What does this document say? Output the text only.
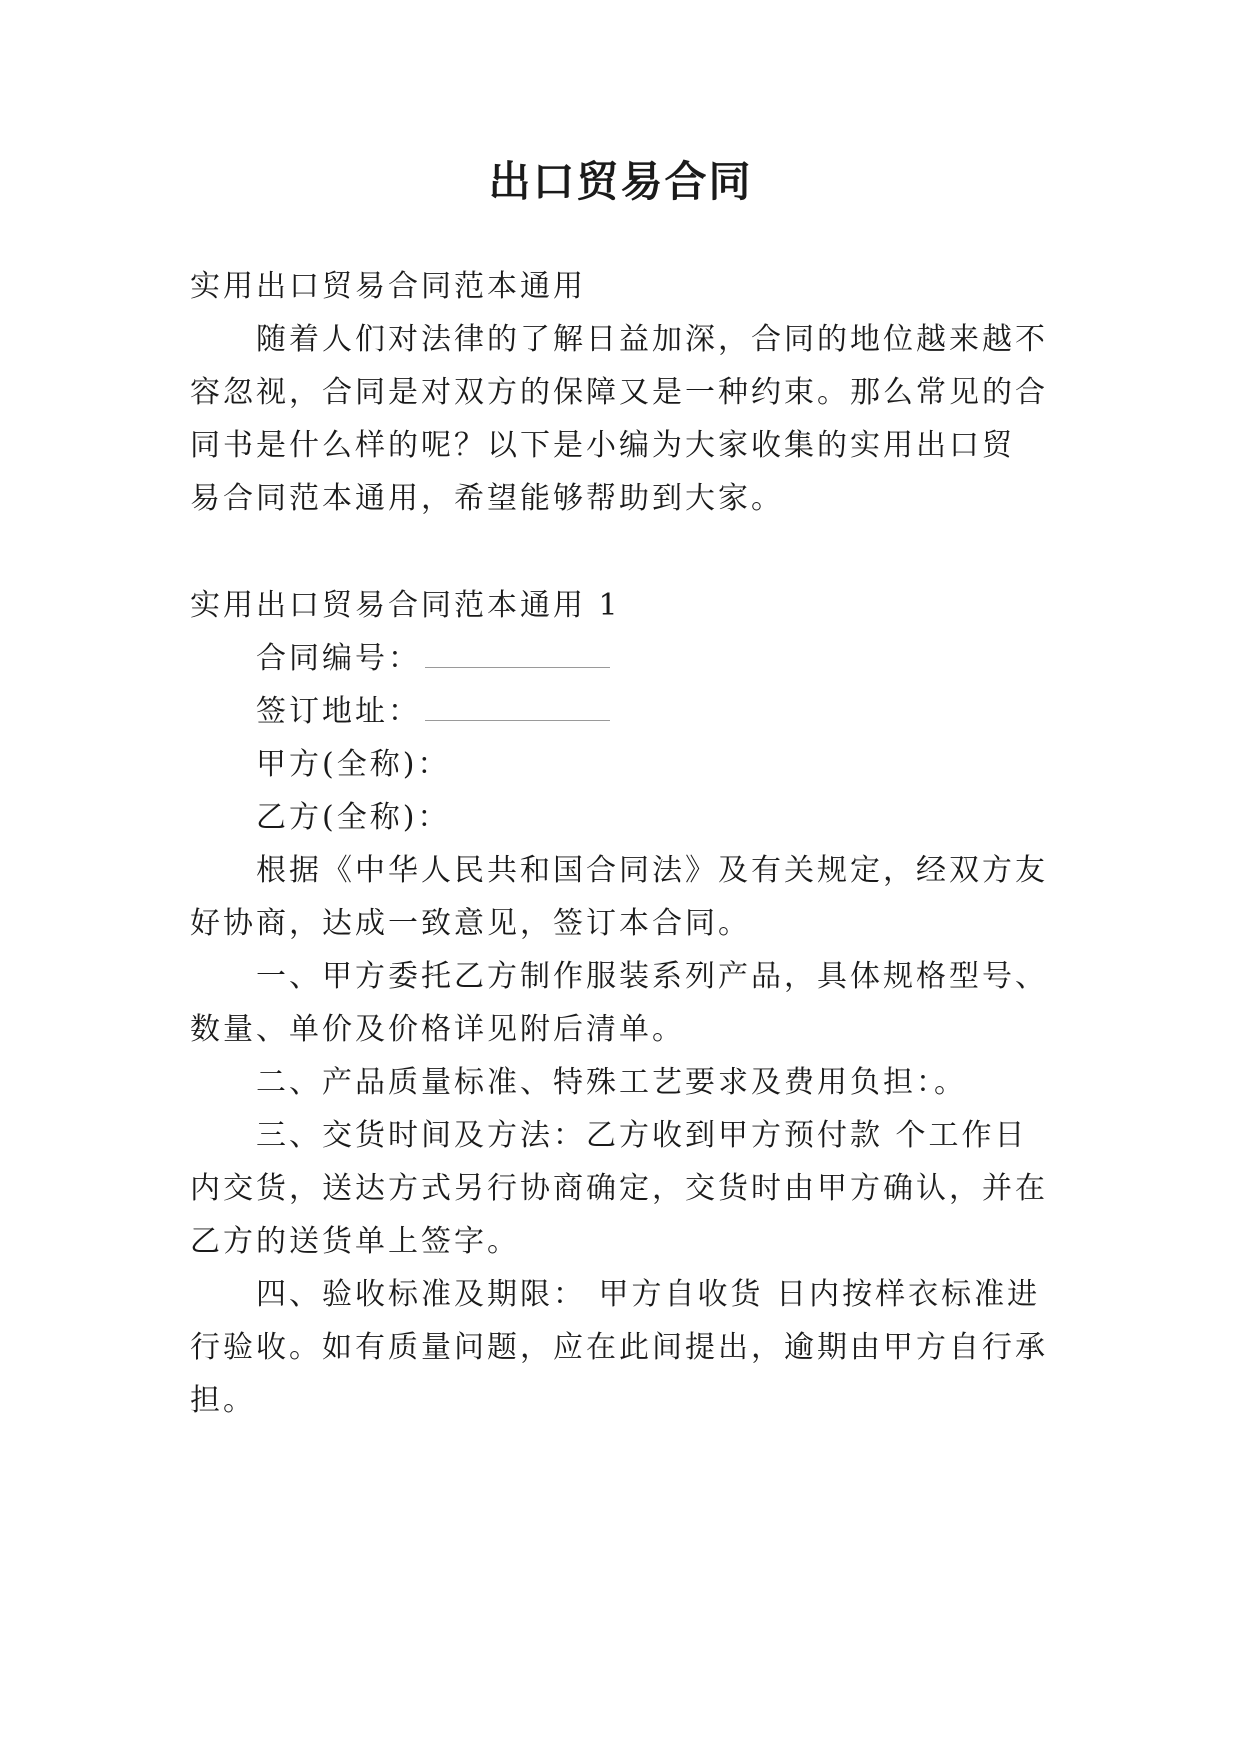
出口贸易合同

实用出口贸易合同范本通用

随着人们对法律的了解日益加深，合同的地位越来越不

容忽视，合同是对双方的保障又是一种约束。那么常见的合

同书是什么样的呢？以下是小编为大家收集的实用出口贸

易合同范本通用，希望能够帮助到大家。

实用出口贸易合同范本通用 1

合同编号：

签订地址：

甲方(全称)：

乙方(全称)：

根据《中华人民共和国合同法》及有关规定，经双方友

好协商，达成一致意见，签订本合同。

一、甲方委托乙方制作服装系列产品，具体规格型号、

数量、单价及价格详见附后清单。

二、产品质量标准、特殊工艺要求及费用负担：。

三、交货时间及方法：乙方收到甲方预付款 个工作日

内交货，送达方式另行协商确定，交货时由甲方确认，并在

乙方的送货单上签字。

四、验收标准及期限： 甲方自收货 日内按样衣标准进

行验收。如有质量问题，应在此间提出，逾期由甲方自行承

担。
